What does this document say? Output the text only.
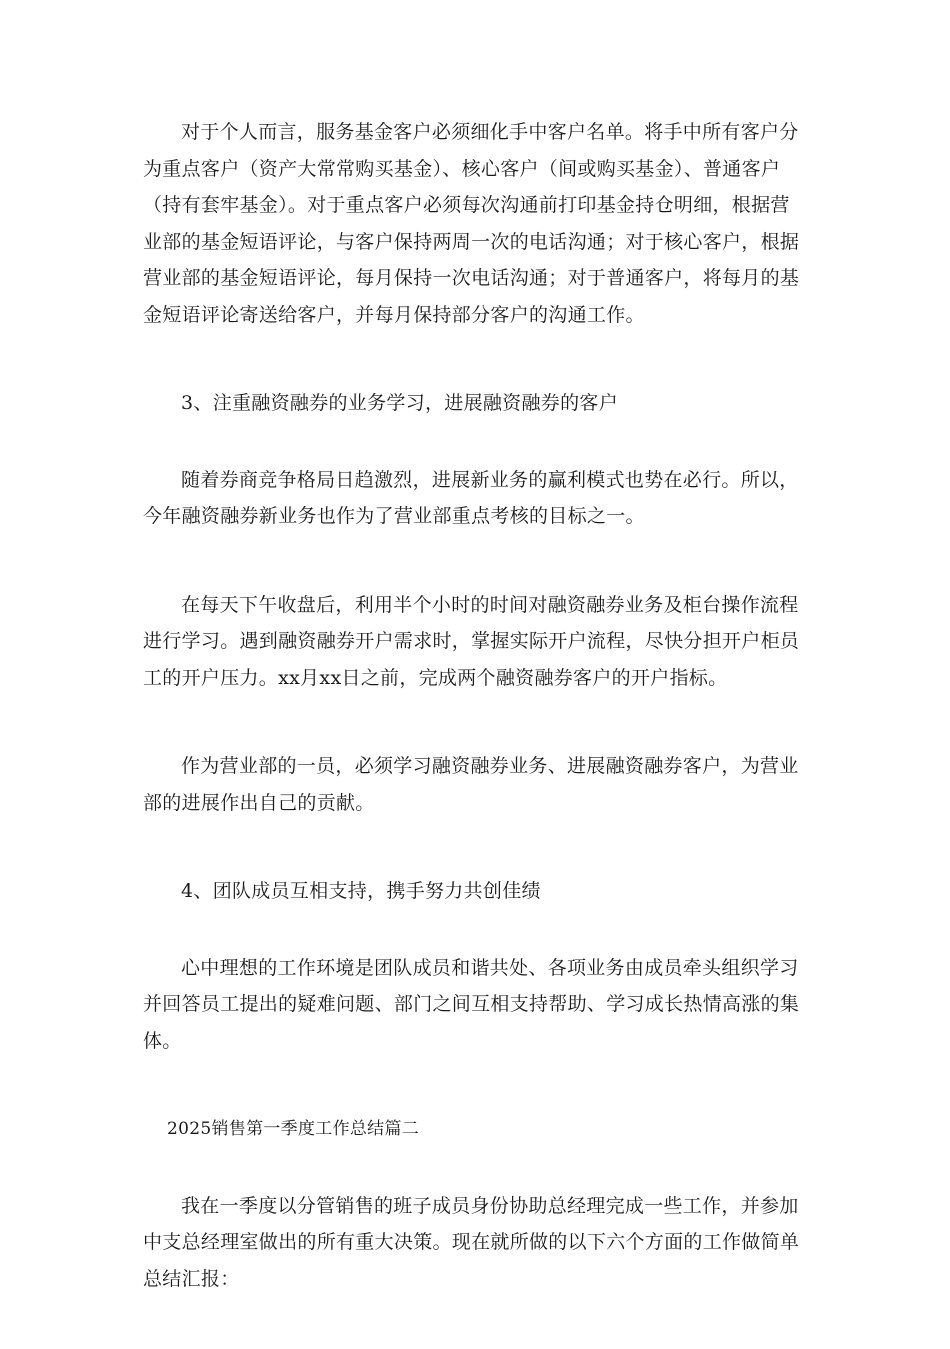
对于个人而言，服务基金客户必须细化手中客户名单。将手中所有客户分为重点客户（资产大常常购买基金）、核心客户（间或购买基金）、普通客户（持有套牢基金）。对于重点客户必须每次沟通前打印基金持仓明细，根据营业部的基金短语评论，与客户保持两周一次的电话沟通；对于核心客户，根据营业部的基金短语评论，每月保持一次电话沟通；对于普通客户，将每月的基金短语评论寄送给客户，并每月保持部分客户的沟通工作。

3、注重融资融券的业务学习，进展融资融券的客户

随着券商竞争格局日趋激烈，进展新业务的赢利模式也势在必行。所以，今年融资融券新业务也作为了营业部重点考核的目标之一。

在每天下午收盘后，利用半个小时的时间对融资融券业务及柜台操作流程进行学习。遇到融资融券开户需求时，掌握实际开户流程，尽快分担开户柜员工的开户压力。xx月xx日之前，完成两个融资融券客户的开户指标。

作为营业部的一员，必须学习融资融券业务、进展融资融券客户，为营业部的进展作出自己的贡献。

4、团队成员互相支持，携手努力共创佳绩

心中理想的工作环境是团队成员和谐共处、各项业务由成员牵头组织学习并回答员工提出的疑难问题、部门之间互相支持帮助、学习成长热情高涨的集体。

2025销售第一季度工作总结篇二

我在一季度以分管销售的班子成员身份协助总经理完成一些工作，并参加中支总经理室做出的所有重大决策。现在就所做的以下六个方面的工作做简单总结汇报：
